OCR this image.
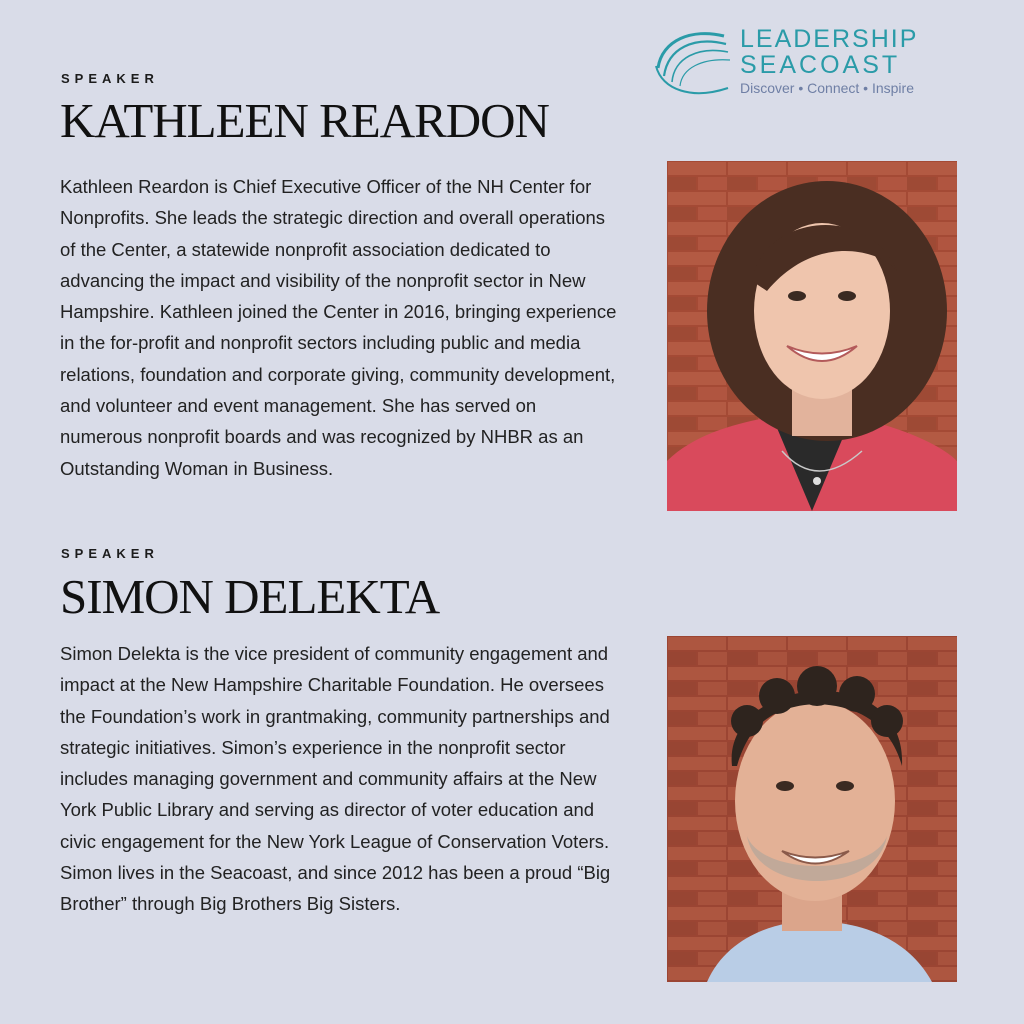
LEADERSHIP
SEACOAST
Discover • Connect • Inspire
SPEAKER
KATHLEEN REARDON
Kathleen Reardon is Chief Executive Officer of the NH Center for Nonprofits. She leads the strategic direction and overall operations of the Center, a statewide nonprofit association dedicated to advancing the impact and visibility of the nonprofit sector in New Hampshire. Kathleen joined the Center in 2016, bringing experience in the for-profit and nonprofit sectors including public and media relations, foundation and corporate giving, community development, and volunteer and event management. She has served on numerous nonprofit boards and was recognized by NHBR as an Outstanding Woman in Business.
SPEAKER
SIMON DELEKTA
Simon Delekta is the vice president of community engagement and impact at the New Hampshire Charitable Foundation. He oversees the Foundation’s work in grantmaking, community partnerships and strategic initiatives. Simon’s experience in the nonprofit sector includes managing government and community affairs at the New York Public Library and serving as director of voter education and civic engagement for the New York League of Conservation Voters. Simon lives in the Seacoast, and since 2012 has been a proud “Big Brother” through Big Brothers Big Sisters.
